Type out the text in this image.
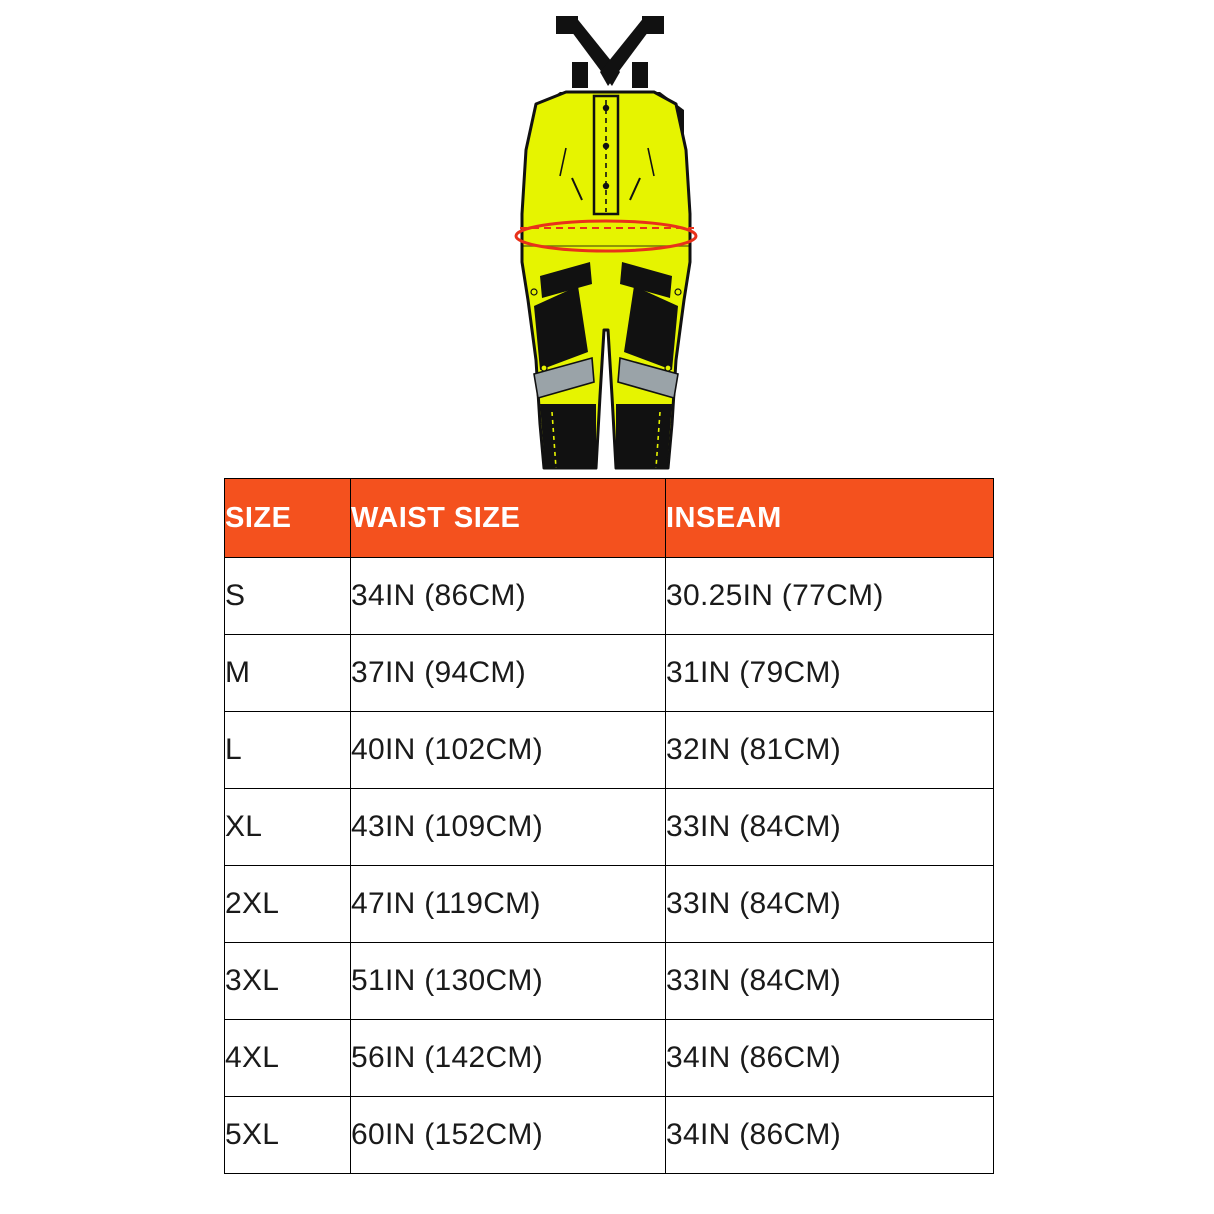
SIZE	WAIST SIZE	INSEAM
S	34IN (86CM)	30.25IN (77CM)
M	37IN (94CM)	31IN (79CM)
L	40IN (102CM)	32IN (81CM)
XL	43IN (109CM)	33IN (84CM)
2XL	47IN (119CM)	33IN (84CM)
3XL	51IN (130CM)	33IN (84CM)
4XL	56IN (142CM)	34IN (86CM)
5XL	60IN (152CM)	34IN (86CM)
